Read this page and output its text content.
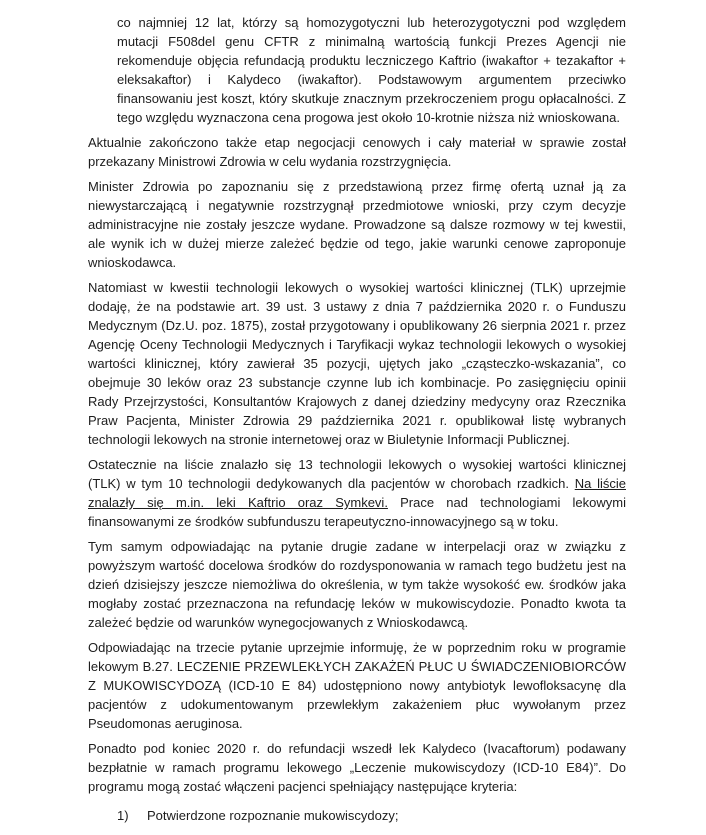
co najmniej 12 lat, którzy są homozygotyczni lub heterozygotyczni pod względem mutacji F508del genu CFTR z minimalną wartością funkcji Prezes Agencji nie rekomenduje objęcia refundacją produktu leczniczego Kaftrio (iwakaftor + tezakaftor + eleksakaftor) i Kalydeco (iwakaftor). Podstawowym argumentem przeciwko finansowaniu jest koszt, który skutkuje znacznym przekroczeniem progu opłacalności. Z tego względu wyznaczona cena progowa jest około 10-krotnie niższa niż wnioskowana.

Aktualnie zakończono także etap negocjacji cenowych i cały materiał w sprawie został przekazany Ministrowi Zdrowia w celu wydania rozstrzygnięcia.

Minister Zdrowia po zapoznaniu się z przedstawioną przez firmę ofertą uznał ją za niewystarczającą i negatywnie rozstrzygnął przedmiotowe wnioski, przy czym decyzje administracyjne nie zostały jeszcze wydane. Prowadzone są dalsze rozmowy w tej kwestii, ale wynik ich w dużej mierze zależeć będzie od tego, jakie warunki cenowe zaproponuje wnioskodawca.

Natomiast w kwestii technologii lekowych o wysokiej wartości klinicznej (TLK) uprzejmie dodaję, że na podstawie art. 39 ust. 3 ustawy z dnia 7 października 2020 r. o Funduszu Medycznym (Dz.U. poz. 1875), został przygotowany i opublikowany 26 sierpnia 2021 r. przez Agencję Oceny Technologii Medycznych i Taryfikacji wykaz technologii lekowych o wysokiej wartości klinicznej, który zawierał 35 pozycji, ujętych jako „cząsteczko-wskazania”, co obejmuje 30 leków oraz 23 substancje czynne lub ich kombinacje. Po zasięgnięciu opinii Rady Przejrzystości, Konsultantów Krajowych z danej dziedziny medycyny oraz Rzecznika Praw Pacjenta, Minister Zdrowia 29 października 2021 r. opublikował listę wybranych technologii lekowych na stronie internetowej oraz w Biuletynie Informacji Publicznej.

Ostatecznie na liście znalazło się 13 technologii lekowych o wysokiej wartości klinicznej (TLK) w tym 10 technologii dedykowanych dla pacjentów w chorobach rzadkich. Na liście znalazły się m.in. leki Kaftrio oraz Symkevi. Prace nad technologiami lekowymi finansowanymi ze środków subfunduszu terapeutyczno-innowacyjnego są w toku.

Tym samym odpowiadając na pytanie drugie zadane w interpelacji oraz w związku z powyższym wartość docelowa środków do rozdysponowania w ramach tego budżetu jest na dzień dzisiejszy jeszcze niemożliwa do określenia, w tym także wysokość ew. środków jaka mogłaby zostać przeznaczona na refundację leków w mukowiscydozie. Ponadto kwota ta zależeć będzie od warunków wynegocjowanych z Wnioskodawcą.

Odpowiadając na trzecie pytanie uprzejmie informuję, że w poprzednim roku w programie lekowym B.27. LECZENIE PRZEWLEKŁYCH ZAKAŻEŃ PŁUC U ŚWIADCZENIOBIORCÓW Z MUKOWISCYDOZĄ (ICD-10 E 84) udostępniono nowy antybiotyk lewofloksacynę dla pacjentów z udokumentowanym przewlekłym zakażeniem płuc wywołanym przez Pseudomonas aeruginosa.

Ponadto pod koniec 2020 r. do refundacji wszedł lek Kalydeco (Ivacaftorum) podawany bezpłatnie w ramach programu lekowego „Leczenie mukowiscydozy (ICD-10 E84)”. Do programu mogą zostać włączeni pacjenci spełniający następujące kryteria:

1) Potwierdzone rozpoznanie mukowiscydozy;
